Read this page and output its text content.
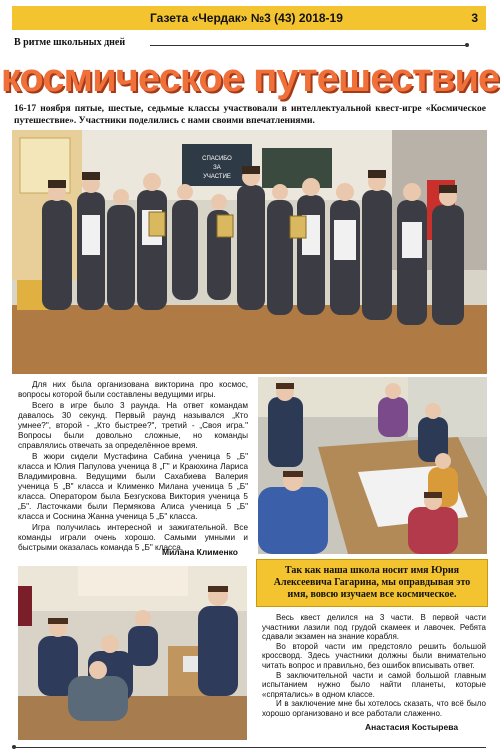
Газета «Чердак» №3 (43) 2018-19	3
В ритме школьных дней
космическое путешествие
16-17 ноября пятые, шестые, седьмые классы участвовали в интеллектуальной квест-игре «Космическое путешествие». Участники поделились с нами своими впечатлениями.
СПАСИБО
ЗА
УЧАСТИЕ

Для них была организована викторина про космос, вопросы которой были составлены ведущими игры.

Всего в игре было 3 раунда. На ответ командам давалось 30 секунд. Первый раунд назывался „Кто умнее?", второй - „Кто быстрее?", третий - „Своя игра." Вопросы были довольно сложные, но команды справлялись отвечать за определённое время.

В жюри сидели Мустафина Сабина ученица 5 „Б" класса и Юлия Папулова ученица 8 „Г" и Краюхина Лариса Владимировна. Ведущими были Сахабиева Валерия ученица 5 „В" класса и Клименко Милана ученица 5 „Б" класса. Оператором была Безгускова Виктория ученица 5 „Б". Ласточками были Пермякова Алиса ученица 5 „Б" класса и Соснина Жанна ученица 5 „Б" класса.

Игра получилась интересной и зажигательной. Все команды играли очень хорошо. Самыми умными и быстрыми оказалась команда 5 „Б" класса.

Милана Клименко
Так как наша школа носит имя Юрия Алексеевича Гагарина, мы оправдывая это имя, вовсю изучаем все космическое.

Весь квест делился на 3 части. В первой части участники лазили под грудой скамеек и лавочек. Ребята сдавали экзамен на знание корабля.

Во второй части им предстояло решить большой кроссворд. Здесь участники должны были внимательно читать вопрос и правильно, без ошибок вписывать ответ.

В заключительной части и самой большой главным испытанием нужно было найти планеты, которые «спрятались» в одном классе.

И в заключение мне бы хотелось сказать, что всё было хорошо организовано и все работали слаженно.

Анастасия Костырева
